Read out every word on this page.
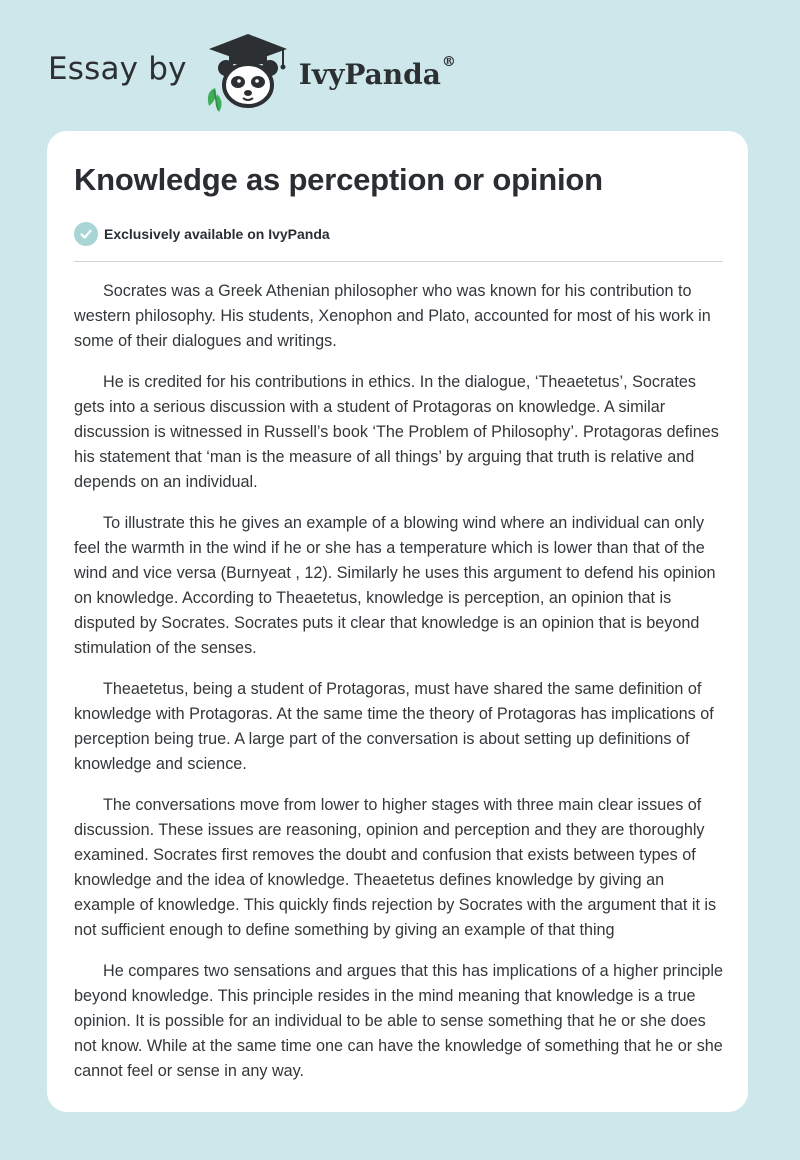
Essay by	IvyPanda®
Knowledge as perception or opinion
Exclusively available on IvyPanda

Socrates was a Greek Athenian philosopher who was known for his contribution to western philosophy. His students, Xenophon and Plato, accounted for most of his work in some of their dialogues and writings.

He is credited for his contributions in ethics. In the dialogue, ‘Theaetetus’, Socrates gets into a serious discussion with a student of Protagoras on knowledge. A similar discussion is witnessed in Russell’s book ‘The Problem of Philosophy’. Protagoras defines his statement that ‘man is the measure of all things’ by arguing that truth is relative and depends on an individual.

To illustrate this he gives an example of a blowing wind where an individual can only feel the warmth in the wind if he or she has a temperature which is lower than that of the wind and vice versa (Burnyeat , 12). Similarly he uses this argument to defend his opinion on knowledge. According to Theaetetus, knowledge is perception, an opinion that is disputed by Socrates. Socrates puts it clear that knowledge is an opinion that is beyond stimulation of the senses.

Theaetetus, being a student of Protagoras, must have shared the same definition of knowledge with Protagoras. At the same time the theory of Protagoras has implications of perception being true. A large part of the conversation is about setting up definitions of knowledge and science.

The conversations move from lower to higher stages with three main clear issues of discussion. These issues are reasoning, opinion and perception and they are thoroughly examined. Socrates first removes the doubt and confusion that exists between types of knowledge and the idea of knowledge. Theaetetus defines knowledge by giving an example of knowledge. This quickly finds rejection by Socrates with the argument that it is not sufficient enough to define something by giving an example of that thing

He compares two sensations and argues that this has implications of a higher principle beyond knowledge. This principle resides in the mind meaning that knowledge is a true opinion. It is possible for an individual to be able to sense something that he or she does not know. While at the same time one can have the knowledge of something that he or she cannot feel or sense in any way.
